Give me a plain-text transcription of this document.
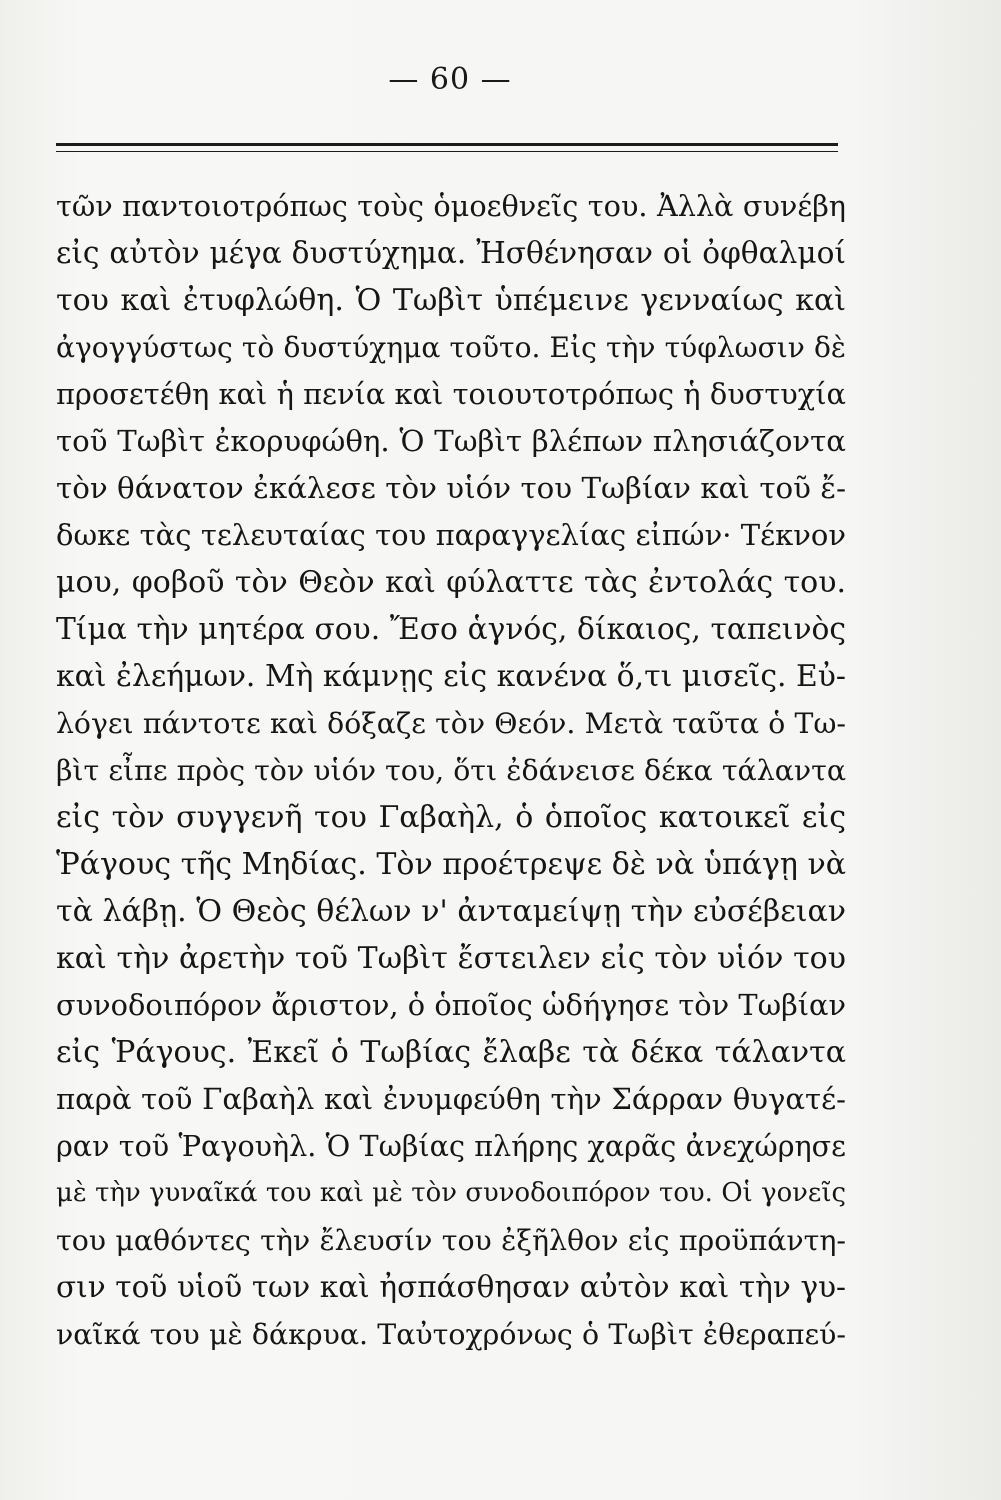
— 60 —
τῶν παντοιοτρόπως τοὺς ὁμοεθνεῖς του. Ἀλλὰ συνέβη
εἰς αὐτὸν μέγα δυστύχημα. Ἠσθένησαν οἱ ὀφθαλμοί
του καὶ ἐτυφλώθη. Ὁ Τωβὶτ ὑπέμεινε γενναίως καὶ
ἀγογγύστως τὸ δυστύχημα τοῦτο. Εἰς τὴν τύφλωσιν δὲ
προσετέθη καὶ ἡ πενία καὶ τοιουτοτρόπως ἡ δυστυχία
τοῦ Τωβὶτ ἐκορυφώθη. Ὁ Τωβὶτ βλέπων πλησιάζοντα
τὸν θάνατον ἐκάλεσε τὸν υἱόν του Τωβίαν καὶ τοῦ ἔ-
δωκε τὰς τελευταίας του παραγγελίας εἰπών· Τέκνον
μου, φοβοῦ τὸν Θεὸν καὶ φύλαττε τὰς ἐντολάς του.
Τίμα τὴν μητέρα σου. Ἔσο ἁγνός, δίκαιος, ταπεινὸς
καὶ ἐλεήμων. Μὴ κάμνῃς εἰς κανένα ὅ,τι μισεῖς. Εὐ-
λόγει πάντοτε καὶ δόξαζε τὸν Θεόν. Μετὰ ταῦτα ὁ Τω-
βὶτ εἶπε πρὸς τὸν υἱόν του, ὅτι ἐδάνεισε δέκα τάλαντα
εἰς τὸν συγγενῆ του Γαβαὴλ, ὁ ὁποῖος κατοικεῖ εἰς
Ῥάγους τῆς Μηδίας. Τὸν προέτρεψε δὲ νὰ ὑπάγῃ νὰ
τὰ λάβῃ. Ὁ Θεὸς θέλων ν' ἀνταμείψῃ τὴν εὐσέβειαν
καὶ τὴν ἀρετὴν τοῦ Τωβὶτ ἔστειλεν εἰς τὸν υἱόν του
συνοδοιπόρον ἄριστον, ὁ ὁποῖος ὡδήγησε τὸν Τωβίαν
εἰς Ῥάγους. Ἐκεῖ ὁ Τωβίας ἔλαβε τὰ δέκα τάλαντα
παρὰ τοῦ Γαβαὴλ καὶ ἐνυμφεύθη τὴν Σάρραν θυγατέ-
ραν τοῦ Ῥαγουὴλ. Ὁ Τωβίας πλήρης χαρᾶς ἀνεχώρησε
μὲ τὴν γυναῖκά του καὶ μὲ τὸν συνοδοιπόρον του. Οἱ γονεῖς
του μαθόντες τὴν ἔλευσίν του ἐξῆλθον εἰς προϋπάντη-
σιν τοῦ υἱοῦ των καὶ ἠσπάσθησαν αὐτὸν καὶ τὴν γυ-
ναῖκά του μὲ δάκρυα. Ταὐτοχρόνως ὁ Τωβὶτ ἐθεραπεύ-
